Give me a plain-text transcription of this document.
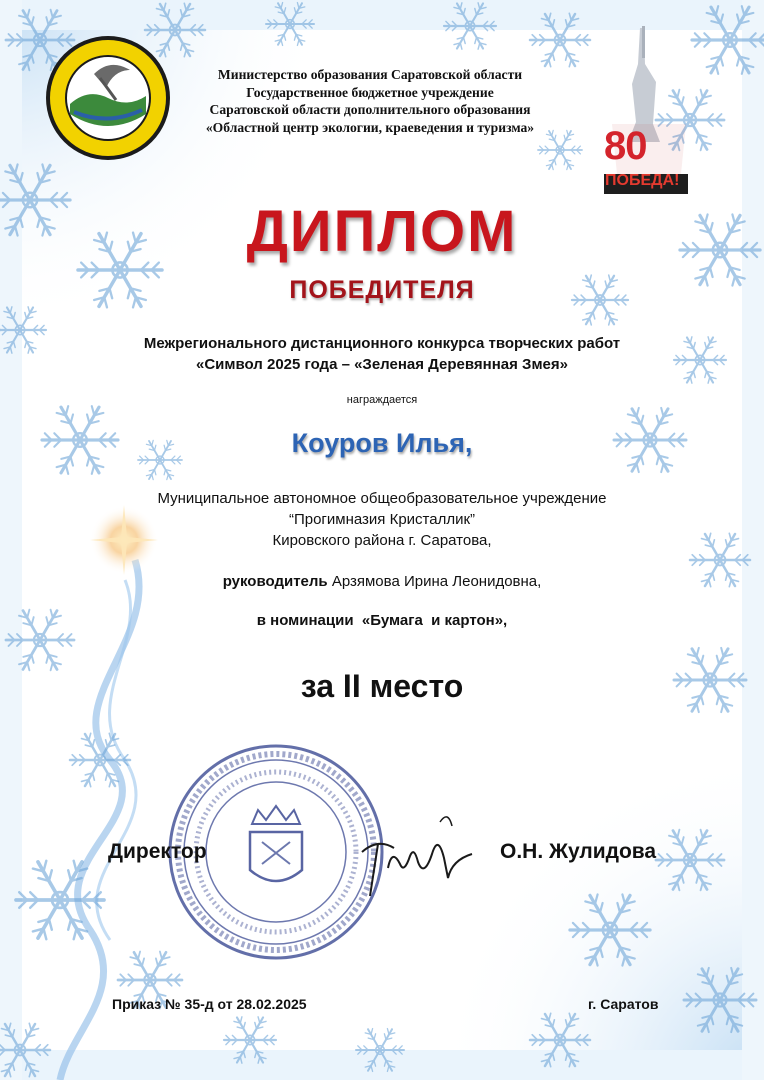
80
ПОБЕДА!
Министерство образования Саратовской области
Государственное бюджетное учреждение
Саратовской области дополнительного образования
«Областной центр экологии, краеведения и туризма»
ДИПЛОМ
ПОБЕДИТЕЛЯ
Межрегионального дистанционного конкурса творческих работ
«Символ 2025 года – «Зеленая Деревянная Змея»
награждается
Коуров Илья,
Муниципальное автономное общеобразовательное учреждение
“Прогимназия Кристаллик”
Кировского района г. Саратова,
руководитель Арзямова Ирина Леонидовна,
в номинации  «Бумага  и картон»,
за II место
Директор	О.Н. Жулидова
Приказ № 35-д от 28.02.2025	г. Саратов
